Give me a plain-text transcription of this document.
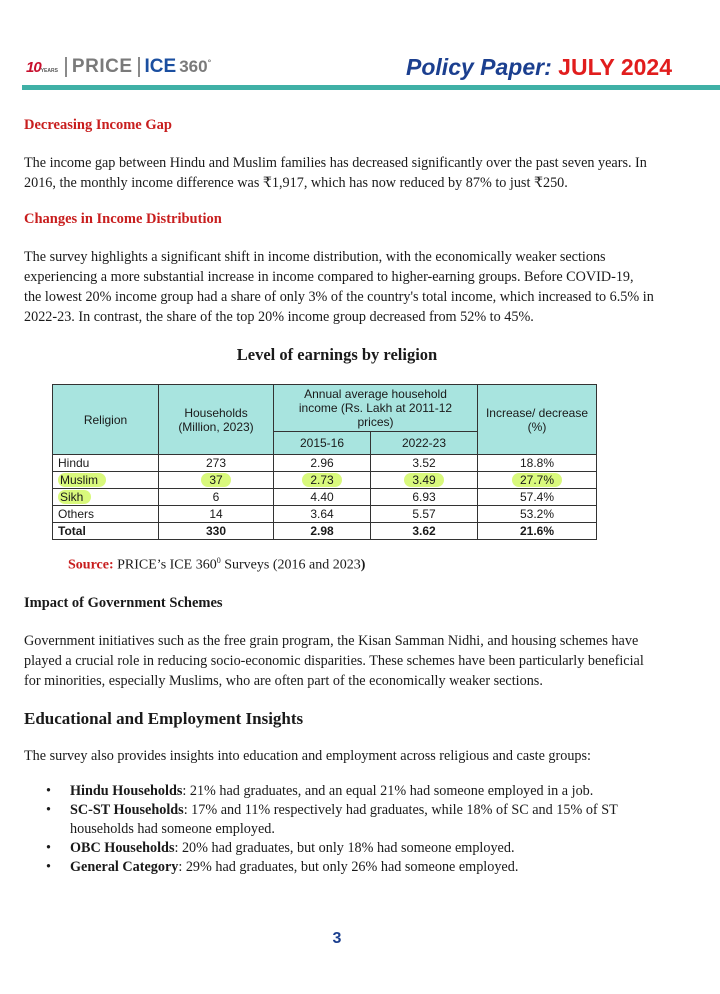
10YEARS PRICE ICE 360°	Policy Paper: JULY 2024
Decreasing Income Gap
The income gap between Hindu and Muslim families has decreased significantly over the past seven years. In 2016, the monthly income difference was ₹1,917, which has now reduced by 87% to just ₹250.
Changes in Income Distribution
The survey highlights a significant shift in income distribution, with the economically weaker sections experiencing a more substantial increase in income compared to higher-earning groups. Before COVID-19, the lowest 20% income group had a share of only 3% of the country's total income, which increased to 6.5% in 2022-23. In contrast, the share of the top 20% income group decreased from 52% to 45%.
Level of earnings by religion
Religion	Households (Million, 2023)	Annual average household income (Rs. Lakh at 2011-12 prices)		Increase/ decrease (%)
		2015-16	2022-23	
Hindu	273	2.96	3.52	18.8%
Muslim	37	2.73	3.49	27.7%
Sikh	6	4.40	6.93	57.4%
Others	14	3.64	5.57	53.2%
Total	330	2.98	3.62	21.6%
Source: PRICE’s ICE $360^0$ Surveys (2016 and 2023)
Impact of Government Schemes
Government initiatives such as the free grain program, the Kisan Samman Nidhi, and housing schemes have played a crucial role in reducing socio-economic disparities. These schemes have been particularly beneficial for minorities, especially Muslims, who are often part of the economically weaker sections.
Educational and Employment Insights
The survey also provides insights into education and employment across religious and caste groups:
• Hindu Households: 21% had graduates, and an equal 21% had someone employed in a job.
• SC-ST Households: 17% and 11% respectively had graduates, while 18% of SC and 15% of ST households had someone employed.
• OBC Households: 20% had graduates, but only 18% had someone employed.
• General Category: 29% had graduates, but only 26% had someone employed.
3
